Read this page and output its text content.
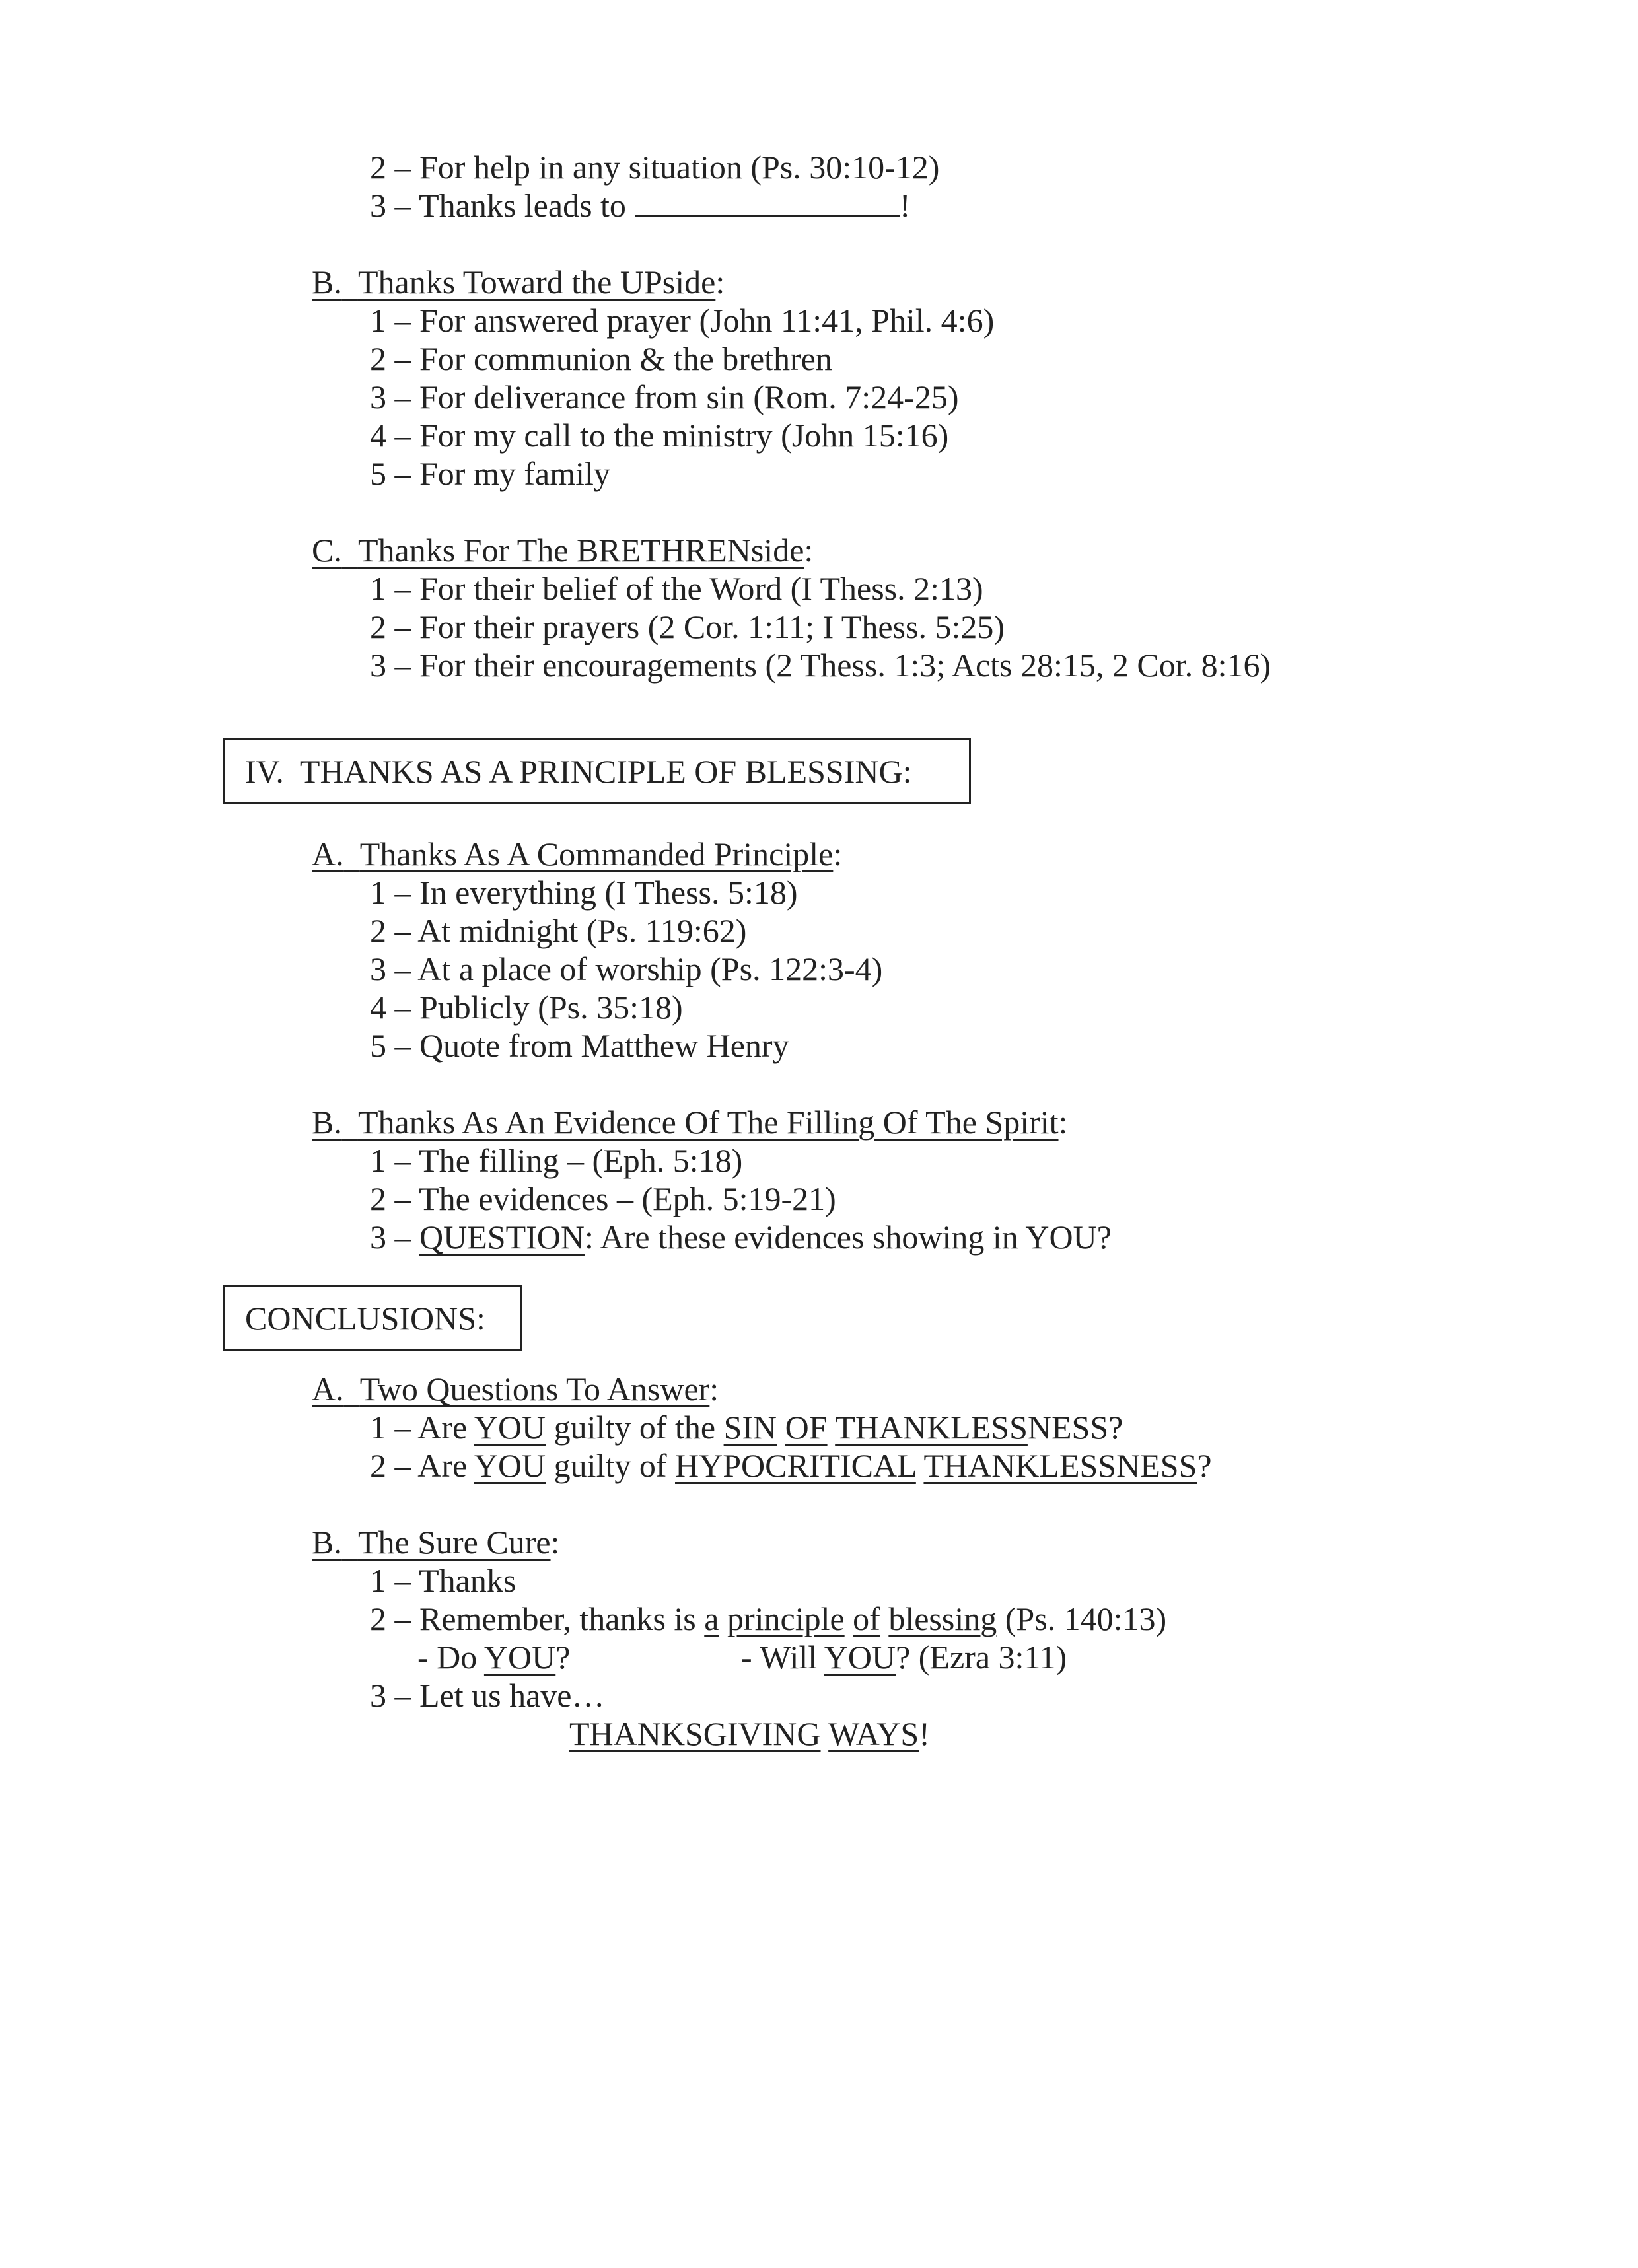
2 – For help in any situation (Ps. 30:10-12)
3 – Thanks leads to	!
B. Thanks Toward the UPside:
1 – For answered prayer (John 11:41, Phil. 4:6)
2 – For communion & the brethren
3 – For deliverance from sin (Rom. 7:24-25)
4 – For my call to the ministry (John 15:16)
5 – For my family
C. Thanks For The BRETHRENside:
1 – For their belief of the Word (I Thess. 2:13)
2 – For their prayers (2 Cor. 1:11; I Thess. 5:25)
3 – For their encouragements (2 Thess. 1:3; Acts 28:15, 2 Cor. 8:16)
IV.  THANKS AS A PRINCIPLE OF BLESSING:
A. Thanks As A Commanded Principle:
1 – In everything (I Thess. 5:18)
2 – At midnight (Ps. 119:62)
3 – At a place of worship (Ps. 122:3-4)
4 – Publicly (Ps. 35:18)
5 – Quote from Matthew Henry
B. Thanks As An Evidence Of The Filling Of The Spirit:
1 – The filling – (Eph. 5:18)
2 – The evidences – (Eph. 5:19-21)
3 – QUESTION: Are these evidences showing in YOU?
CONCLUSIONS:
A. Two Questions To Answer:
1 – Are YOU guilty of the SIN OF THANKLESSNESS?
2 – Are YOU guilty of HYPOCRITICAL THANKLESSNESS?
B. The Sure Cure:
1 – Thanks
2 – Remember, thanks is a principle of blessing (Ps. 140:13)
- Do YOU?	- Will YOU? (Ezra 3:11)
3 – Let us have…
THANKSGIVING WAYS!
